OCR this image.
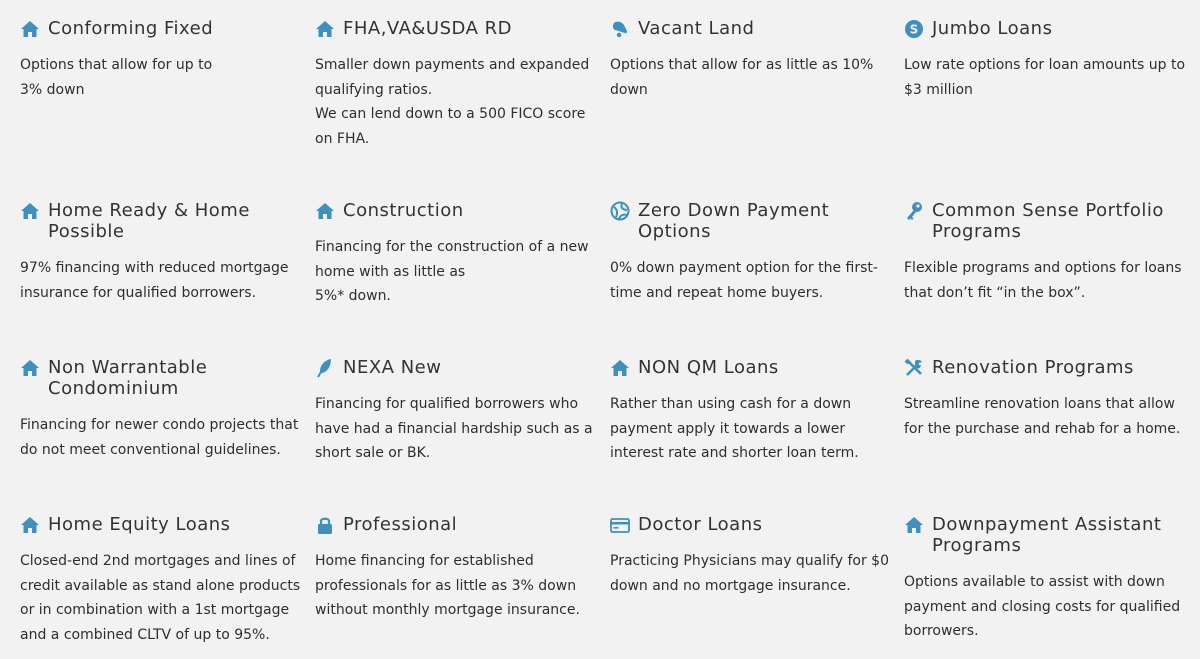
Conforming Fixed

Options that allow for up to
3% down

FHA,VA&USDA RD

Smaller down payments and expanded qualifying ratios.
We can lend down to a 500 FICO score on FHA.

Vacant Land

Options that allow for as little as 10% down

S Jumbo Loans

Low rate options for loan amounts up to $3 million

Home Ready & Home Possible

97% financing with reduced mortgage insurance for qualified borrowers.

Construction

Financing for the construction of a new home with as little as
5%* down.

Zero Down Payment Options

0% down payment option for the first-time and repeat home buyers.

Common Sense Portfolio Programs

Flexible programs and options for loans that don’t fit “in the box”.

Non Warrantable Condominium

Financing for newer condo projects that do not meet conventional guidelines.

NEXA New

Financing for qualified borrowers who have had a financial hardship such as a short sale or BK.

NON QM Loans

Rather than using cash for a down payment apply it towards a lower interest rate and shorter loan term.

Renovation Programs

Streamline renovation loans that allow for the purchase and rehab for a home.

Home Equity Loans

Closed-end 2nd mortgages and lines of credit available as stand alone products or in combination with a 1st mortgage and a combined CLTV of up to 95%.

Professional

Home financing for established professionals for as little as 3% down without monthly mortgage insurance.

Doctor Loans

Practicing Physicians may qualify for $0 down and no mortgage insurance.

Downpayment Assistant Programs

Options available to assist with down payment and closing costs for qualified borrowers.
